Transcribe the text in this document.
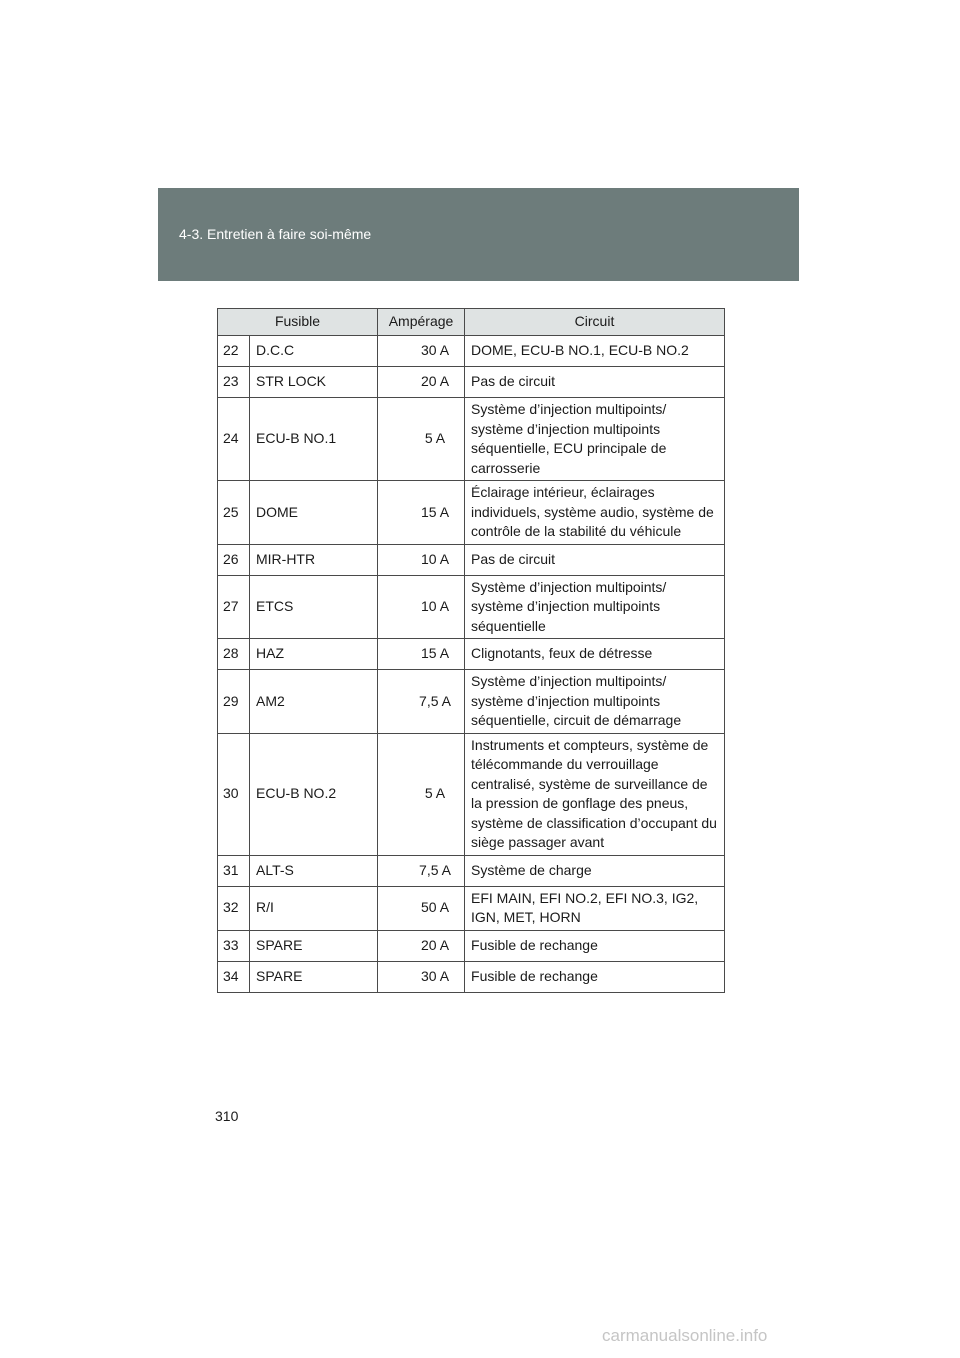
4-3. Entretien à faire soi-même
Fusible		Ampérage	Circuit
22	D.C.C	30 A	DOME, ECU-B NO.1, ECU-B NO.2
23	STR LOCK	20 A	Pas de circuit
24	ECU-B NO.1	5 A	Système d’injection multipoints/ système d’injection multipoints séquentielle, ECU principale de carrosserie
25	DOME	15 A	Éclairage intérieur, éclairages individuels, système audio, système de contrôle de la stabilité du véhicule
26	MIR-HTR	10 A	Pas de circuit
27	ETCS	10 A	Système d’injection multipoints/ système d’injection multipoints séquentielle
28	HAZ	15 A	Clignotants, feux de détresse
29	AM2	7,5 A	Système d’injection multipoints/ système d’injection multipoints séquentielle, circuit de démarrage
30	ECU-B NO.2	5 A	Instruments et compteurs, système de télécommande du verrouillage centralisé, système de surveillance de la pression de gonflage des pneus, système de classification d’occupant du siège passager avant
31	ALT-S	7,5 A	Système de charge
32	R/I	50 A	EFI MAIN, EFI NO.2, EFI NO.3, IG2, IGN, MET, HORN
33	SPARE	20 A	Fusible de rechange
34	SPARE	30 A	Fusible de rechange
310
carmanualsonline.info
